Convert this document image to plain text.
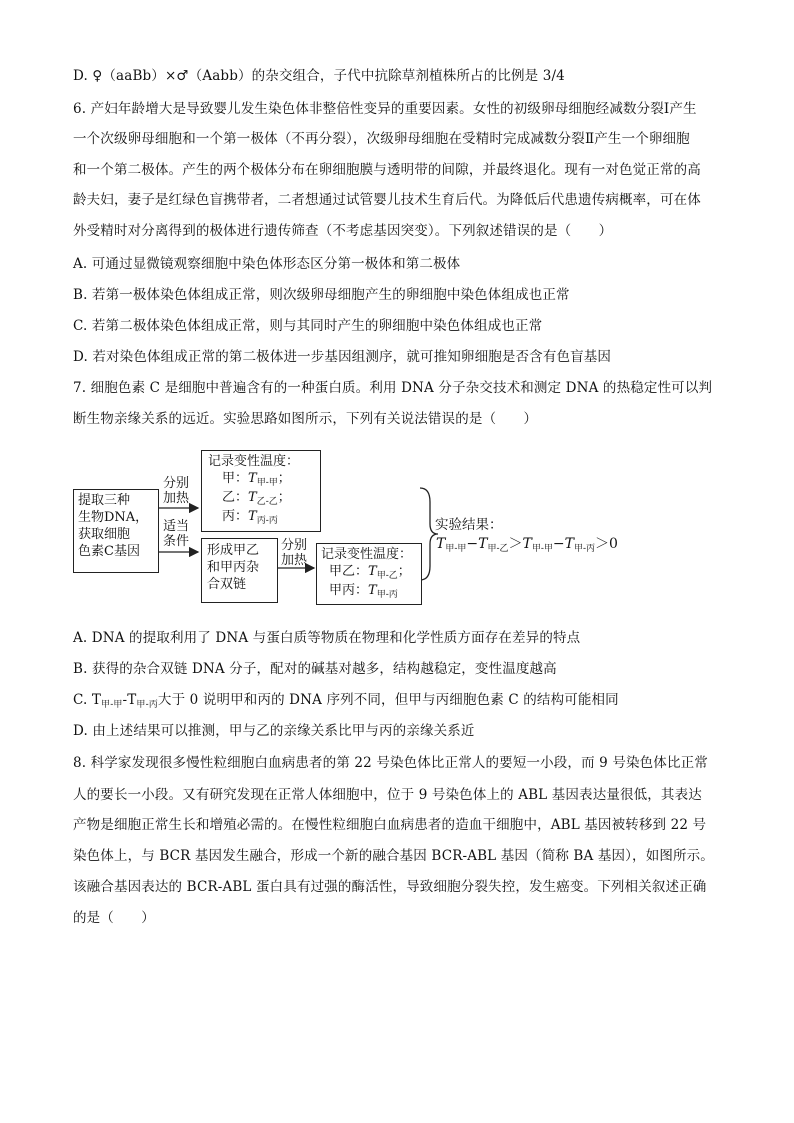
D. ♀（aaBb）×♂（Aabb）的杂交组合，子代中抗除草剂植株所占的比例是 3/4
6. 产妇年龄增大是导致婴儿发生染色体非整倍性变异的重要因素。女性的初级卵母细胞经减数分裂Ⅰ产生
一个次级卵母细胞和一个第一极体（不再分裂），次级卵母细胞在受精时完成减数分裂Ⅱ产生一个卵细胞
和一个第二极体。产生的两个极体分布在卵细胞膜与透明带的间隙，并最终退化。现有一对色觉正常的高
龄夫妇，妻子是红绿色盲携带者，二者想通过试管婴儿技术生育后代。为降低后代患遗传病概率，可在体
外受精时对分离得到的极体进行遗传筛查（不考虑基因突变）。下列叙述错误的是（　　）
A. 可通过显微镜观察细胞中染色体形态区分第一极体和第二极体
B. 若第一极体染色体组成正常，则次级卵母细胞产生的卵细胞中染色体组成也正常
C. 若第二极体染色体组成正常，则与其同时产生的卵细胞中染色体组成也正常
D. 若对染色体组成正常的第二极体进一步基因组测序，就可推知卵细胞是否含有色盲基因
7. 细胞色素 C 是细胞中普遍含有的一种蛋白质。利用 DNA 分子杂交技术和测定 DNA 的热稳定性可以判
断生物亲缘关系的远近。实验思路如图所示，下列有关说法错误的是（　　）
提取三种
生物DNA，
获取细胞
色素C基因
分别
加热
适当
条件
记录变性温度：
甲：$T_{甲-甲}$；
乙：$T_{乙-乙}$；
丙：$T_{丙-丙}$
形成甲乙
和甲丙杂
合双链
分别
加热	记录变性温度：
甲乙：$T_{甲-乙}$；
甲丙：$T_{甲-丙}$
实验结果：
$T_{甲-甲}-T_{甲-乙}>T_{甲-甲}-T_{甲-丙}>0$
A. DNA 的提取利用了 DNA 与蛋白质等物质在物理和化学性质方面存在差异的特点
B. 获得的杂合双链 DNA 分子，配对的碱基对越多，结构越稳定，变性温度越高
C. $T_{甲-甲}-T_{甲-丙}$大于 0 说明甲和丙的 DNA 序列不同，但甲与丙细胞色素 C 的结构可能相同
D. 由上述结果可以推测，甲与乙的亲缘关系比甲与丙的亲缘关系近
8. 科学家发现很多慢性粒细胞白血病患者的第 22 号染色体比正常人的要短一小段，而 9 号染色体比正常
人的要长一小段。又有研究发现在正常人体细胞中，位于 9 号染色体上的 ABL 基因表达量很低，其表达
产物是细胞正常生长和增殖必需的。在慢性粒细胞白血病患者的造血干细胞中，ABL 基因被转移到 22 号
染色体上，与 BCR 基因发生融合，形成一个新的融合基因 BCR-ABL 基因（简称 BA 基因），如图所示。
该融合基因表达的 BCR-ABL 蛋白具有过强的酶活性，导致细胞分裂失控，发生癌变。下列相关叙述正确
的是（　　）
